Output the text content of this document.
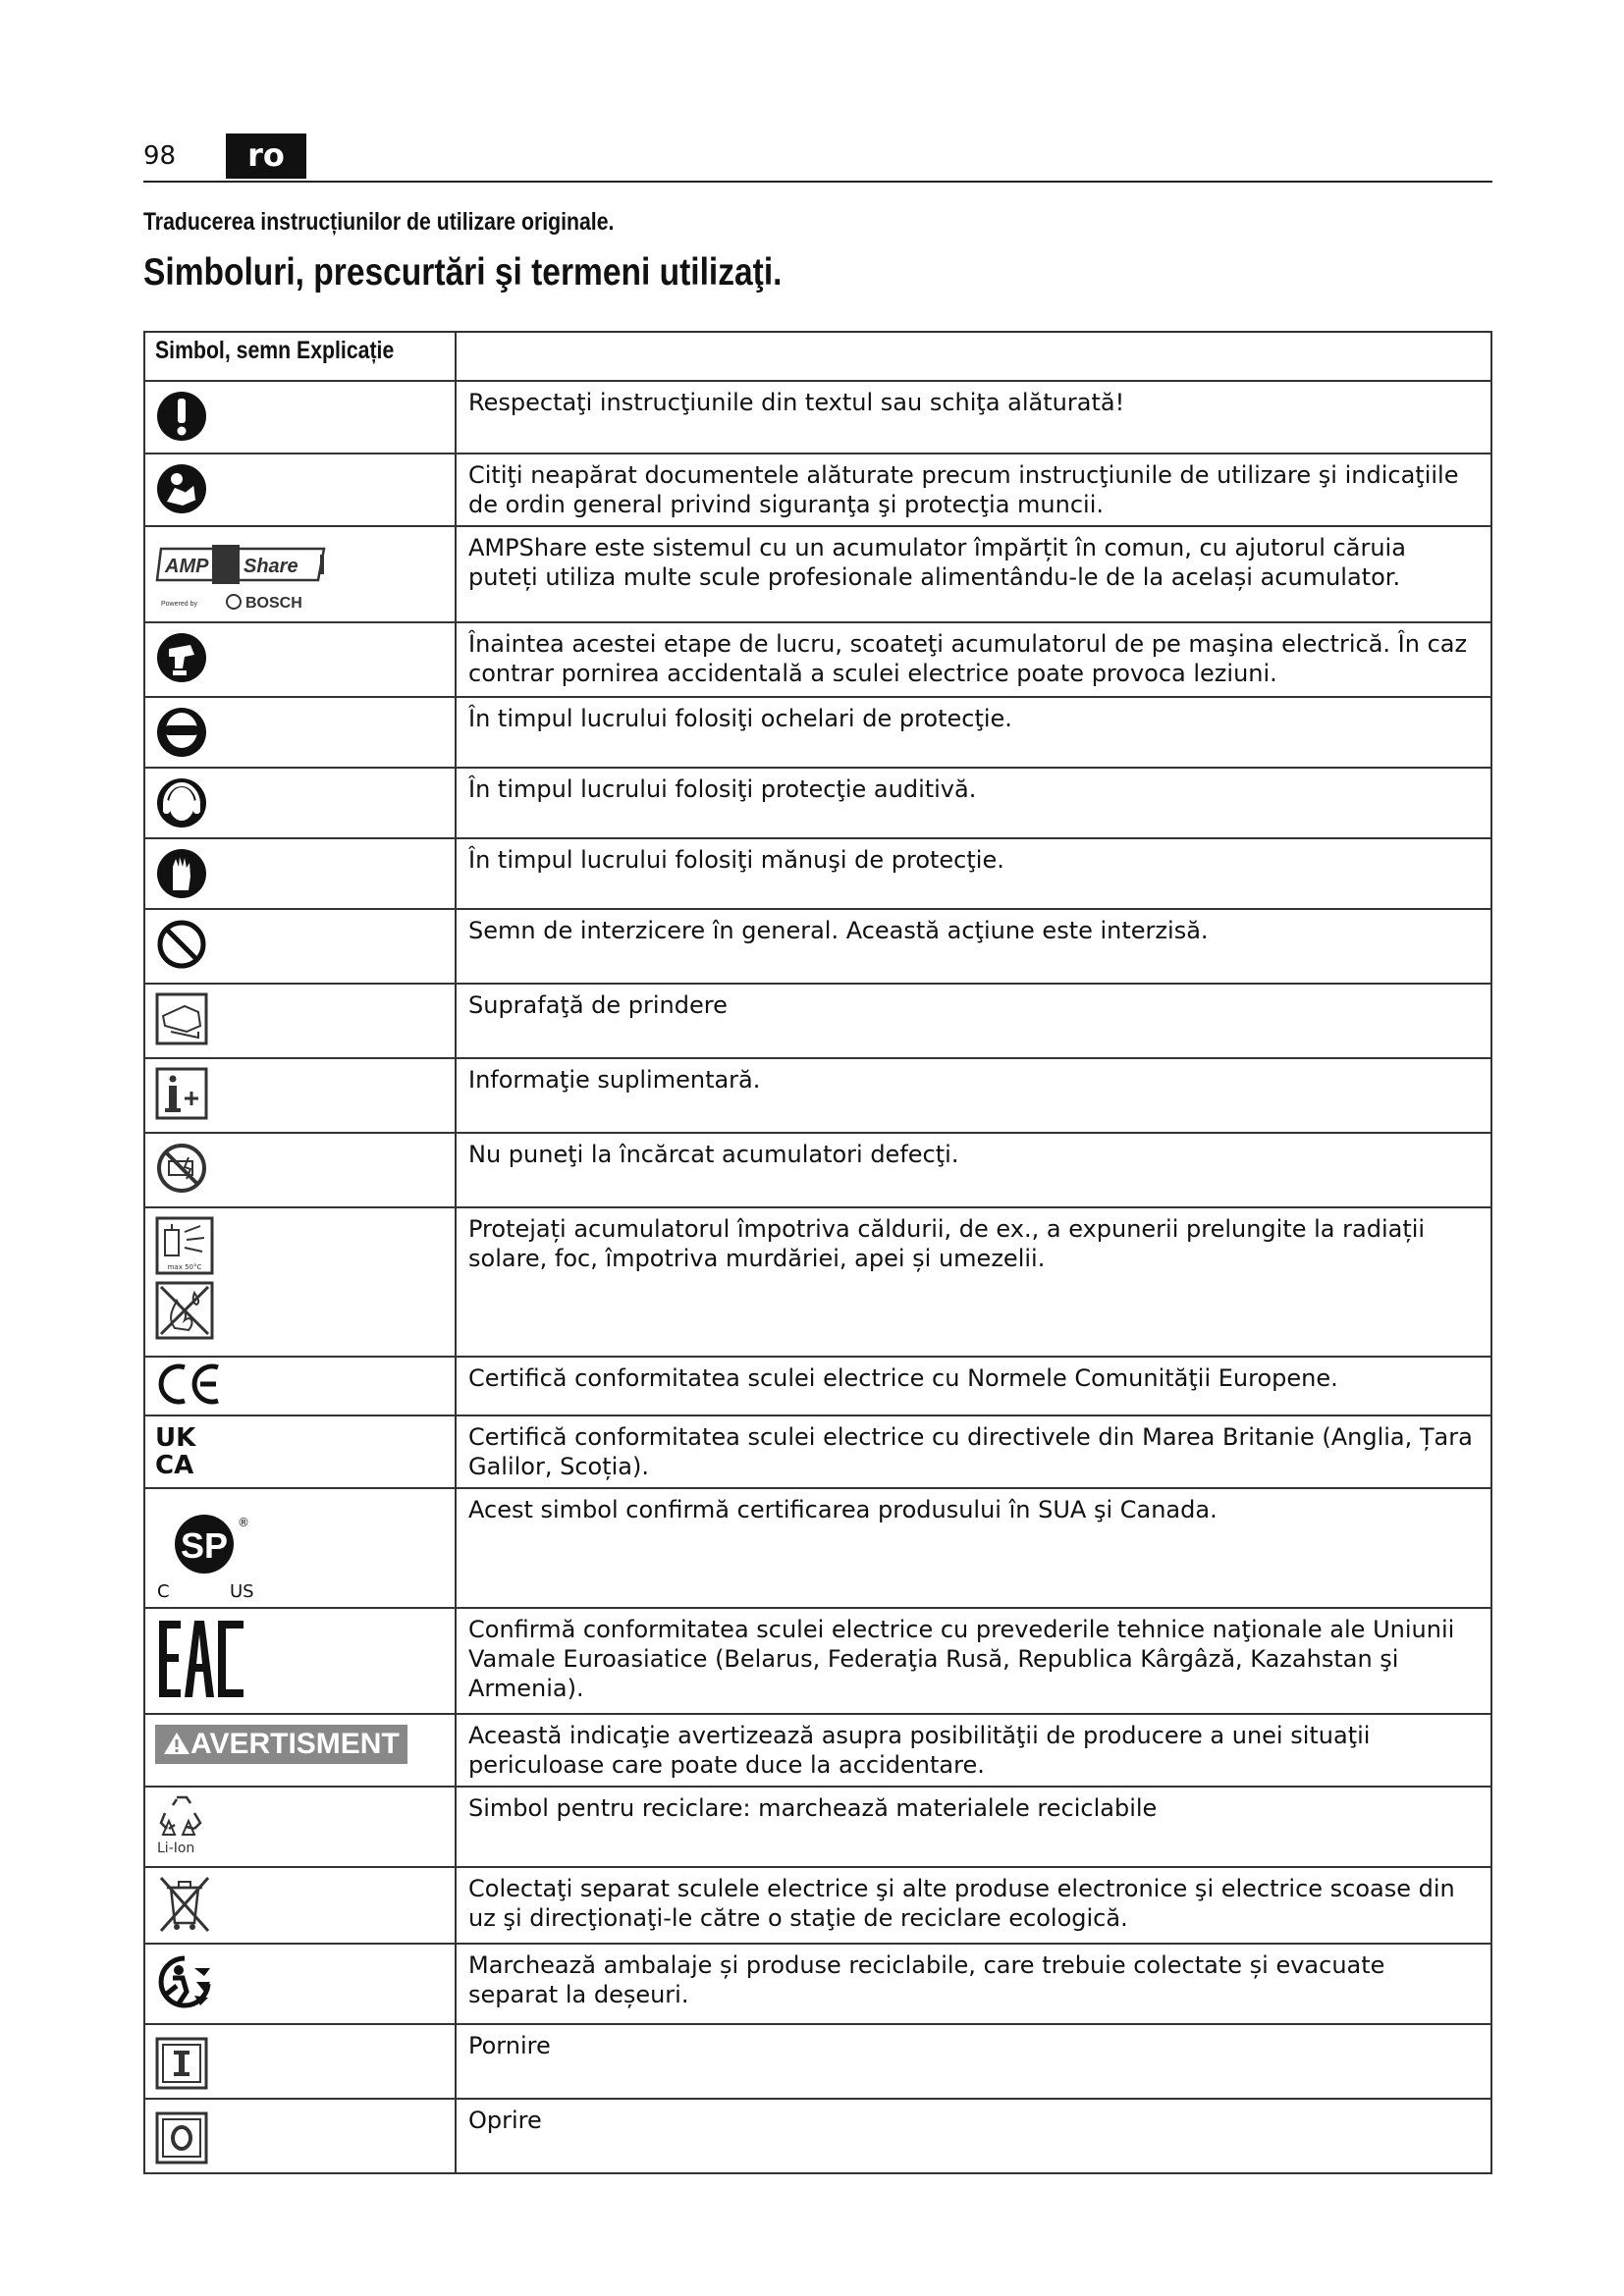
98	ro
Traducerea instrucțiunilor de utilizare originale.
Simboluri, prescurtări şi termeni utilizaţi.
Simbol, semn Explicație	

	Respectaţi instrucţiunile din textul sau schiţa alăturată!

	Citiţi neapărat documentele alăturate precum instrucţiunile de utilizare şi indicaţiile de ordin general privind siguranţa şi protecţia muncii.

AMP Share
Powered by BOSCH	AMPShare este sistemul cu un acumulator împărțit în comun, cu ajutorul căruia puteți utiliza multe scule profesionale alimentându-le de la același acumulator.

	Înaintea acestei etape de lucru, scoateţi acumulatorul de pe maşina electrică. În caz contrar pornirea accidentală a sculei electrice poate provoca leziuni.

	În timpul lucrului folosiţi ochelari de protecţie.

	În timpul lucrului folosiţi protecţie auditivă.

	În timpul lucrului folosiţi mănuşi de protecţie.

	Semn de interzicere în general. Această acţiune este interzisă.

	Suprafaţă de prindere

	Informaţie suplimentară.

	Nu puneţi la încărcat acumulatori defecţi.

max 50°C	Protejați acumulatorul împotriva căldurii, de ex., a expunerii prelungite la radiații solare, foc, împotriva murdăriei, apei și umezelii.

	Certifică conformitatea sculei electrice cu Normele Comunităţii Europene.

UK
CA	Certifică conformitatea sculei electrice cu directivele din Marea Britanie (Anglia, Țara Galilor, Scoția).

SP
®
C US	Acest simbol confirmă certificarea produsului în SUA şi Canada.

	Confirmă conformitatea sculei electrice cu prevederile tehnice naţionale ale Uniunii Vamale Euroasiatice (Belarus, Federaţia Rusă, Republica Kârgâză, Kazahstan şi Armenia).
AVERTISMENT	Această indicaţie avertizează asupra posibilităţii de producere a unei situaţii periculoase care poate duce la accidentare.

Li-Ion	Simbol pentru reciclare: marchează materialele reciclabile

	Colectaţi separat sculele electrice şi alte produse electronice şi electrice scoase din uz şi direcţionaţi-le către o staţie de reciclare ecologică.

	Marchează ambalaje și produse reciclabile, care trebuie colectate și evacuate separat la deșeuri.

	Pornire

	Oprire
